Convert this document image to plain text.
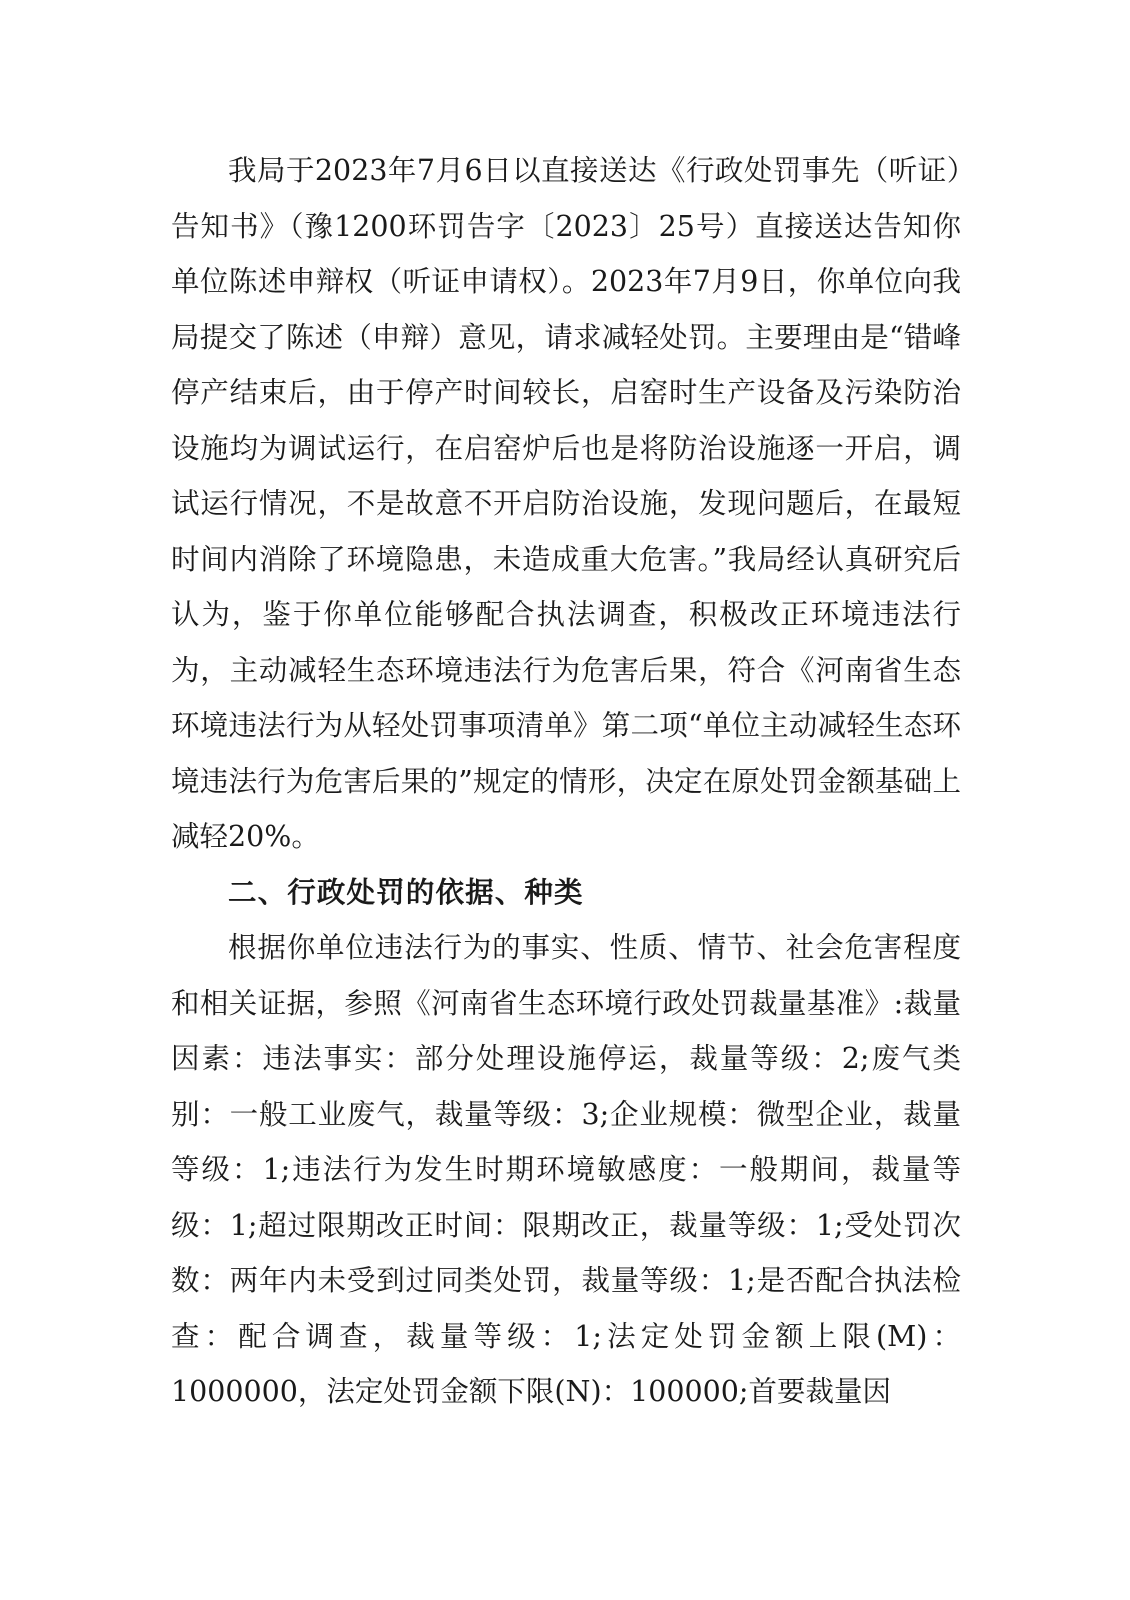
我局于2023年7月6日以直接送达《行政处罚事先（听证）告知书》（豫1200环罚告字〔2023〕25号）直接送达告知你单位陈述申辩权（听证申请权）。2023年7月9日，你单位向我局提交了陈述（申辩）意见，请求减轻处罚。主要理由是“错峰停产结束后，由于停产时间较长，启窑时生产设备及污染防治设施均为调试运行，在启窑炉后也是将防治设施逐一开启，调试运行情况，不是故意不开启防治设施，发现问题后，在最短时间内消除了环境隐患，未造成重大危害。”我局经认真研究后认为，鉴于你单位能够配合执法调查，积极改正环境违法行为，主动减轻生态环境违法行为危害后果，符合《河南省生态环境违法行为从轻处罚事项清单》第二项“单位主动减轻生态环境违法行为危害后果的”规定的情形，决定在原处罚金额基础上减轻20%。

二、行政处罚的依据、种类

根据你单位违法行为的事实、性质、情节、社会危害程度和相关证据，参照《河南省生态环境行政处罚裁量基准》:裁量因素：违法事实：部分处理设施停运，裁量等级：2;废气类别：一般工业废气，裁量等级：3;企业规模：微型企业，裁量等级：1;违法行为发生时期环境敏感度：一般期间，裁量等级：1;超过限期改正时间：限期改正，裁量等级：1;受处罚次数：两年内未受到过同类处罚，裁量等级：1;是否配合执法检查：配合调查，裁量等级：1;法定处罚金额上限(M)：1000000，法定处罚金额下限(N)：100000;首要裁量因
